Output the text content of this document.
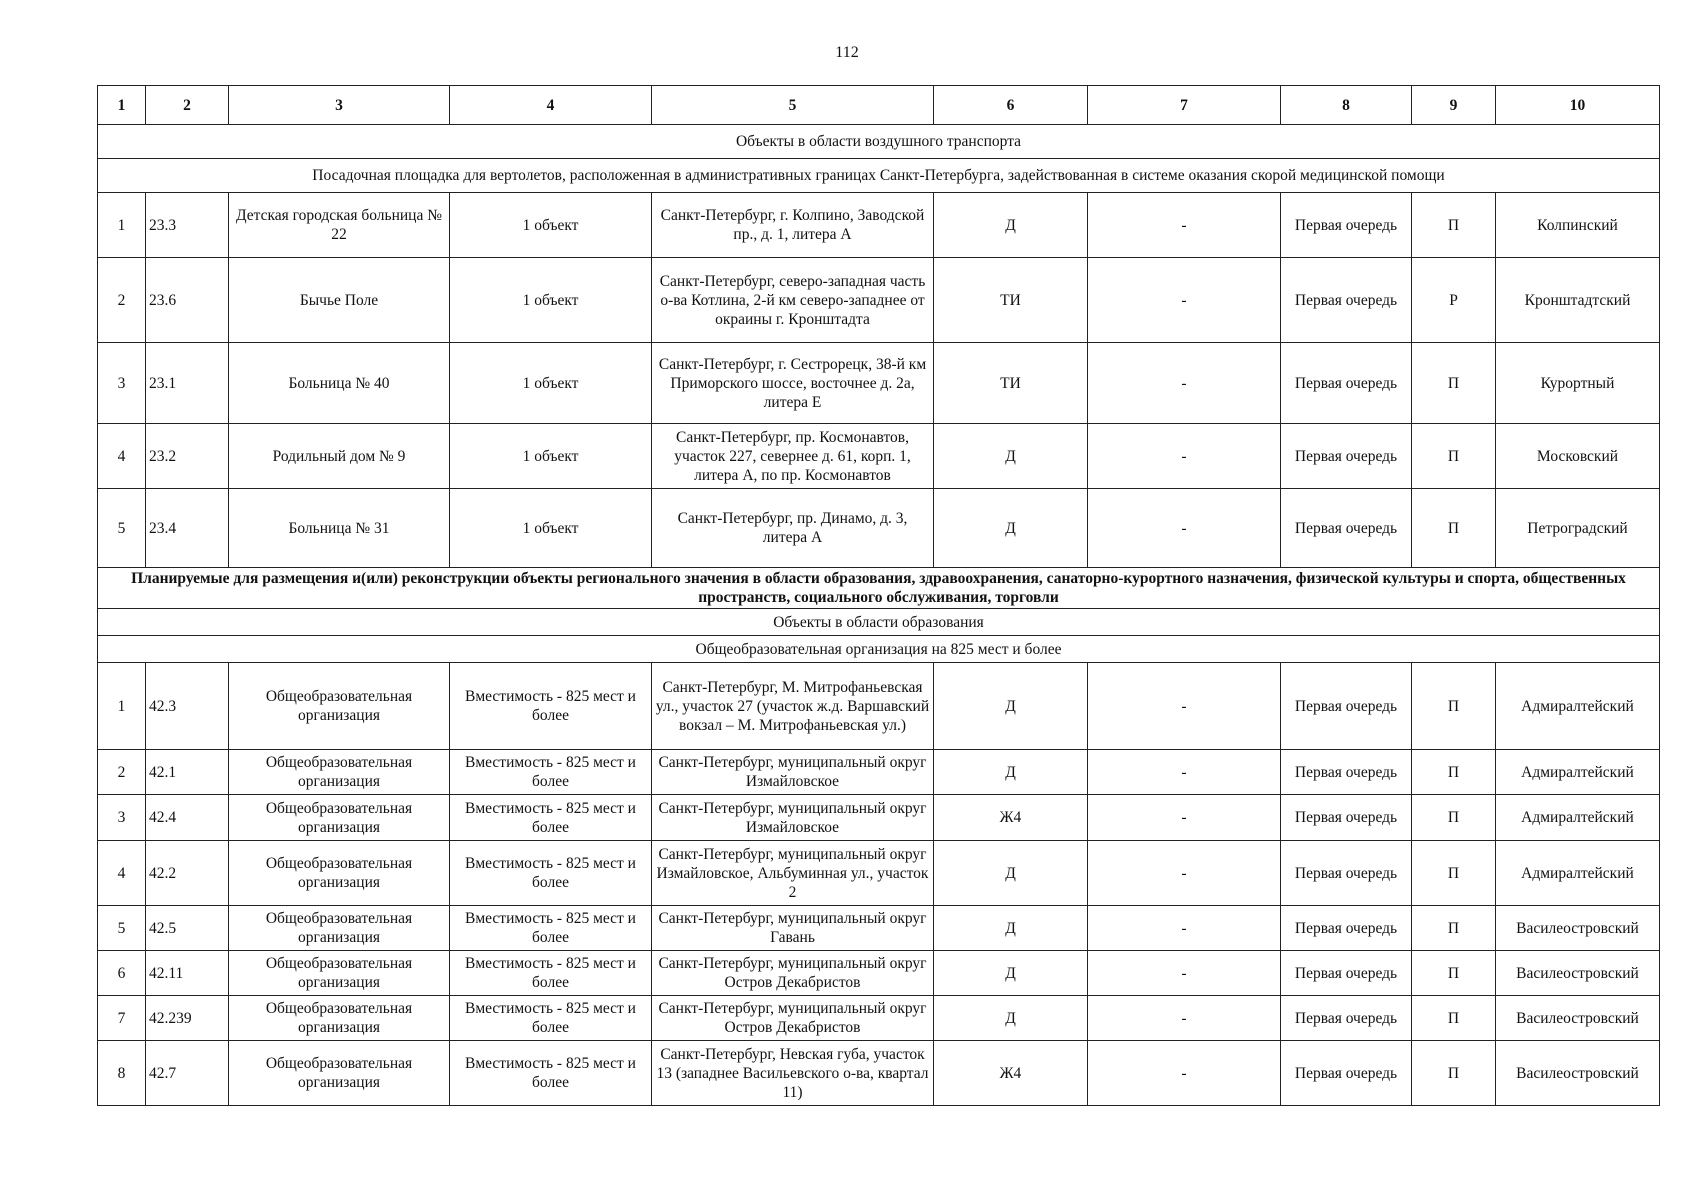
112
1	2	3	4	5	6	7	8	9	10
Объекты в области воздушного транспорта									
Посадочная площадка для вертолетов, расположенная в административных границах Санкт-Петербурга, задействованная в системе оказания скорой медицинской помощи									
1	23.3	Детская городская больница № 22	1 объект	Санкт-Петербург, г. Колпино, Заводской пр., д. 1, литера А	Д	-	Первая очередь	П	Колпинский
2	23.6	Бычье Поле	1 объект	Санкт-Петербург, северо-западная часть о-ва Котлина, 2-й км северо-западнее от окраины г. Кронштадта	ТИ	-	Первая очередь	Р	Кронштадтский
3	23.1	Больница № 40	1 объект	Санкт-Петербург, г. Сестрорецк, 38-й км Приморского шоссе, восточнее д. 2а, литера Е	ТИ	-	Первая очередь	П	Курортный
4	23.2	Родильный дом № 9	1 объект	Санкт-Петербург, пр. Космонавтов, участок 227, севернее д. 61, корп. 1, литера А, по пр. Космонавтов	Д	-	Первая очередь	П	Московский
5	23.4	Больница № 31	1 объект	Санкт-Петербург, пр. Динамо, д. 3, литера А	Д	-	Первая очередь	П	Петроградский
Планируемые для размещения и(или) реконструкции объекты регионального значения в области образования, здравоохранения, санаторно-курортного назначения, физической культуры и спорта, общественных пространств, социального обслуживания, торговли									
Объекты в области образования									
Общеобразовательная организация на 825 мест и более									
1	42.3	Общеобразовательная организация	Вместимость - 825 мест и более	Санкт-Петербург, М. Митрофаньевская ул., участок 27 (участок ж.д. Варшавский вокзал – М. Митрофаньевская ул.)	Д	-	Первая очередь	П	Адмиралтейский
2	42.1	Общеобразовательная организация	Вместимость - 825 мест и более	Санкт-Петербург, муниципальный округ Измайловское	Д	-	Первая очередь	П	Адмиралтейский
3	42.4	Общеобразовательная организация	Вместимость - 825 мест и более	Санкт-Петербург, муниципальный округ Измайловское	Ж4	-	Первая очередь	П	Адмиралтейский
4	42.2	Общеобразовательная организация	Вместимость - 825 мест и более	Санкт-Петербург, муниципальный округ Измайловское, Альбуминная ул., участок 2	Д	-	Первая очередь	П	Адмиралтейский
5	42.5	Общеобразовательная организация	Вместимость - 825 мест и более	Санкт-Петербург, муниципальный округ Гавань	Д	-	Первая очередь	П	Василеостровский
6	42.11	Общеобразовательная организация	Вместимость - 825 мест и более	Санкт-Петербург, муниципальный округ Остров Декабристов	Д	-	Первая очередь	П	Василеостровский
7	42.239	Общеобразовательная организация	Вместимость - 825 мест и более	Санкт-Петербург, муниципальный округ Остров Декабристов	Д	-	Первая очередь	П	Василеостровский
8	42.7	Общеобразовательная организация	Вместимость - 825 мест и более	Санкт-Петербург, Невская губа, участок 13 (западнее Васильевского о-ва, квартал 11)	Ж4	-	Первая очередь	П	Василеостровский
